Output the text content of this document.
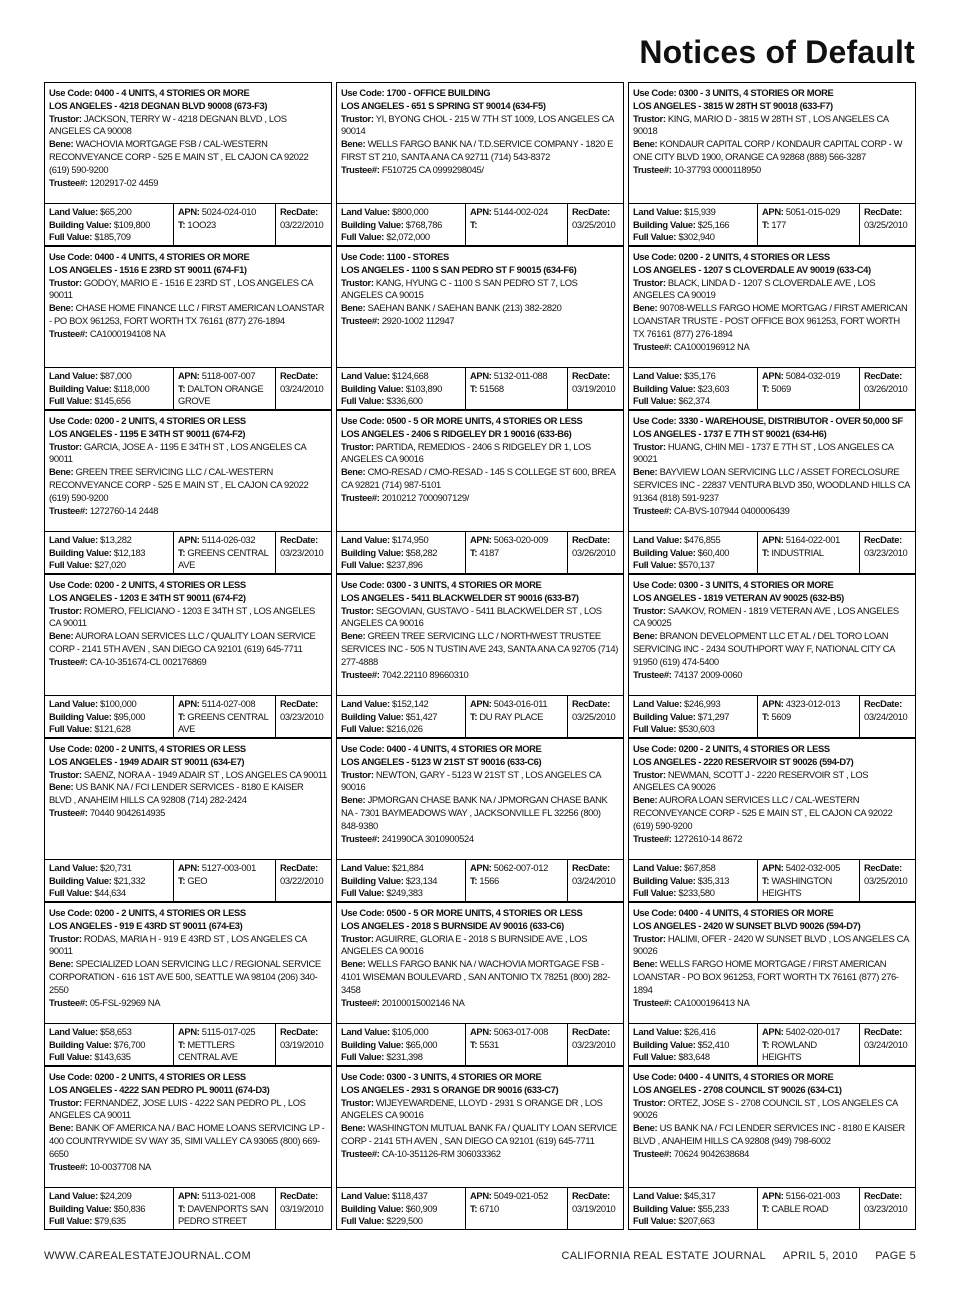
Notices of Default
Use Code: 0400 - 4 UNITS, 4 STORIES OR MORE
LOS ANGELES - 4218 DEGNAN BLVD 90008 (673-F3)
Trustor: JACKSON, TERRY W - 4218 DEGNAN BLVD , LOS ANGELES CA 90008
Bene: WACHOVIA MORTGAGE FSB / CAL-WESTERN RECONVEYANCE CORP - 525 E MAIN ST , EL CAJON CA 92022 (619) 590-9200
Trustee#: 1202917-02 4459
Land Value: $65,200
Building Value: $109,800
Full Value: $185,709
APN: 5024-024-010
T: 1OO23
RecDate:
03/22/2010
Use Code: 1700 - OFFICE BUILDING
LOS ANGELES - 651 S SPRING ST 90014 (634-F5)
Trustor: YI, BYONG CHOL - 215 W 7TH ST 1009, LOS ANGELES CA 90014
Bene: WELLS FARGO BANK NA / T.D.SERVICE COMPANY - 1820 E FIRST ST 210, SANTA ANA CA 92711 (714) 543-8372
Trustee#: F510725 CA 0999298045/
Land Value: $800,000
Building Value: $768,786
Full Value: $2,072,000
APN: 5144-002-024
T:
RecDate:
03/25/2010
Use Code: 0300 - 3 UNITS, 4 STORIES OR MORE
LOS ANGELES - 3815 W 28TH ST 90018 (633-F7)
Trustor: KING, MARIO D - 3815 W 28TH ST , LOS ANGELES CA 90018
Bene: KONDAUR CAPITAL CORP / KONDAUR CAPITAL CORP - W ONE CITY BLVD 1900, ORANGE CA 92868 (888) 566-3287
Trustee#: 10-37793 0000118950
Land Value: $15,939
Building Value: $25,166
Full Value: $302,940
APN: 5051-015-029
T: 177
RecDate:
03/25/2010
Use Code: 0400 - 4 UNITS, 4 STORIES OR MORE
LOS ANGELES - 1516 E 23RD ST 90011 (674-F1)
Trustor: GODOY, MARIO E - 1516 E 23RD ST , LOS ANGELES CA 90011
Bene: CHASE HOME FINANCE LLC / FIRST AMERICAN LOANSTAR - PO BOX 961253, FORT WORTH TX 76161 (877) 276-1894
Trustee#: CA1000194108 NA
Land Value: $87,000
Building Value: $118,000
Full Value: $145,656
APN: 5118-007-007
T: DALTON ORANGE GROVE
RecDate:
03/24/2010
Use Code: 1100 - STORES
LOS ANGELES - 1100 S SAN PEDRO ST F 90015 (634-F6)
Trustor: KANG, HYUNG C - 1100 S SAN PEDRO ST 7, LOS ANGELES CA 90015
Bene: SAEHAN BANK / SAEHAN BANK (213) 382-2820
Trustee#: 2920-1002 112947
Land Value: $124,668
Building Value: $103,890
Full Value: $336,600
APN: 5132-011-088
T: 51568
RecDate:
03/19/2010
Use Code: 0200 - 2 UNITS, 4 STORIES OR LESS
LOS ANGELES - 1207 S CLOVERDALE AV 90019 (633-C4)
Trustor: BLACK, LINDA D - 1207 S CLOVERDALE AVE , LOS ANGELES CA 90019
Bene: 90708-WELLS FARGO HOME MORTGAG / FIRST AMERICAN LOANSTAR TRUSTE - POST OFFICE BOX 961253, FORT WORTH TX 76161 (877) 276-1894
Trustee#: CA1000196912 NA
Land Value: $35,176
Building Value: $23,603
Full Value: $62,374
APN: 5084-032-019
T: 5069
RecDate:
03/26/2010
Use Code: 0200 - 2 UNITS, 4 STORIES OR LESS
LOS ANGELES - 1195 E 34TH ST 90011 (674-F2)
Trustor: GARCIA, JOSE A - 1195 E 34TH ST , LOS ANGELES CA 90011
Bene: GREEN TREE SERVICING LLC / CAL-WESTERN RECONVEYANCE CORP - 525 E MAIN ST , EL CAJON CA 92022 (619) 590-9200
Trustee#: 1272760-14 2448
Land Value: $13,282
Building Value: $12,183
Full Value: $27,020
APN: 5114-026-032
T: GREENS CENTRAL AVE
RecDate:
03/23/2010
Use Code: 0500 - 5 OR MORE UNITS, 4 STORIES OR LESS
LOS ANGELES - 2406 S RIDGELEY DR 1 90016 (633-B6)
Trustor: PARTIDA, REMEDIOS - 2406 S RIDGELEY DR 1, LOS ANGELES CA 90016
Bene: CMO-RESAD / CMO-RESAD - 145 S COLLEGE ST 600, BREA CA 92821 (714) 987-5101
Trustee#: 2010212 7000907129/
Land Value: $174,950
Building Value: $58,282
Full Value: $237,896
APN: 5063-020-009
T: 4187
RecDate:
03/26/2010
Use Code: 3330 - WAREHOUSE, DISTRIBUTOR - OVER 50,000 SF
LOS ANGELES - 1737 E 7TH ST 90021 (634-H6)
Trustor: HUANG, CHIN MEI - 1737 E 7TH ST , LOS ANGELES CA 90021
Bene: BAYVIEW LOAN SERVICING LLC / ASSET FORECLOSURE SERVICES INC - 22837 VENTURA BLVD 350, WOODLAND HILLS CA 91364 (818) 591-9237
Trustee#: CA-BVS-107944 0400006439
Land Value: $476,855
Building Value: $60,400
Full Value: $570,137
APN: 5164-022-001
T: INDUSTRIAL
RecDate:
03/23/2010
Use Code: 0200 - 2 UNITS, 4 STORIES OR LESS
LOS ANGELES - 1203 E 34TH ST 90011 (674-F2)
Trustor: ROMERO, FELICIANO - 1203 E 34TH ST , LOS ANGELES CA 90011
Bene: AURORA LOAN SERVICES LLC / QUALITY LOAN SERVICE CORP - 2141 5TH AVEN , SAN DIEGO CA 92101 (619) 645-7711
Trustee#: CA-10-351674-CL 002176869
Land Value: $100,000
Building Value: $95,000
Full Value: $121,628
APN: 5114-027-008
T: GREENS CENTRAL AVE
RecDate:
03/23/2010
Use Code: 0300 - 3 UNITS, 4 STORIES OR MORE
LOS ANGELES - 5411 BLACKWELDER ST 90016 (633-B7)
Trustor: SEGOVIAN, GUSTAVO - 5411 BLACKWELDER ST , LOS ANGELES CA 90016
Bene: GREEN TREE SERVICING LLC / NORTHWEST TRUSTEE SERVICES INC - 505 N TUSTIN AVE 243, SANTA ANA CA 92705 (714) 277-4888
Trustee#: 7042.22110 89660310
Land Value: $152,142
Building Value: $51,427
Full Value: $216,026
APN: 5043-016-011
T: DU RAY PLACE
RecDate:
03/25/2010
Use Code: 0300 - 3 UNITS, 4 STORIES OR MORE
LOS ANGELES - 1819 VETERAN AV 90025 (632-B5)
Trustor: SAAKOV, ROMEN - 1819 VETERAN AVE , LOS ANGELES CA 90025
Bene: BRANON DEVELOPMENT LLC ET AL / DEL TORO LOAN SERVICING INC - 2434 SOUTHPORT WAY F, NATIONAL CITY CA 91950 (619) 474-5400
Trustee#: 74137 2009-0060
Land Value: $246,993
Building Value: $71,297
Full Value: $530,603
APN: 4323-012-013
T: 5609
RecDate:
03/24/2010
Use Code: 0200 - 2 UNITS, 4 STORIES OR LESS
LOS ANGELES - 1949 ADAIR ST 90011 (634-E7)
Trustor: SAENZ, NORA A - 1949 ADAIR ST , LOS ANGELES CA 90011
Bene: US BANK NA / FCI LENDER SERVICES - 8180 E KAISER BLVD , ANAHEIM HILLS CA 92808 (714) 282-2424
Trustee#: 70440 9042614935
Land Value: $20,731
Building Value: $21,332
Full Value: $44,634
APN: 5127-003-001
T: GEO
RecDate:
03/22/2010
Use Code: 0400 - 4 UNITS, 4 STORIES OR MORE
LOS ANGELES - 5123 W 21ST ST 90016 (633-C6)
Trustor: NEWTON, GARY - 5123 W 21ST ST , LOS ANGELES CA 90016
Bene: JPMORGAN CHASE BANK NA / JPMORGAN CHASE BANK NA - 7301 BAYMEADOWS WAY , JACKSONVILLE FL 32256 (800) 848-9380
Trustee#: 241990CA 3010900524
Land Value: $21,884
Building Value: $23,134
Full Value: $249,383
APN: 5062-007-012
T: 1566
RecDate:
03/24/2010
Use Code: 0200 - 2 UNITS, 4 STORIES OR LESS
LOS ANGELES - 2220 RESERVOIR ST 90026 (594-D7)
Trustor: NEWMAN, SCOTT J - 2220 RESERVOIR ST , LOS ANGELES CA 90026
Bene: AURORA LOAN SERVICES LLC / CAL-WESTERN RECONVEYANCE CORP - 525 E MAIN ST , EL CAJON CA 92022 (619) 590-9200
Trustee#: 1272610-14 8672
Land Value: $67,858
Building Value: $35,313
Full Value: $233,580
APN: 5402-032-005
T: WASHINGTON HEIGHTS
RecDate:
03/25/2010
Use Code: 0200 - 2 UNITS, 4 STORIES OR LESS
LOS ANGELES - 919 E 43RD ST 90011 (674-E3)
Trustor: RODAS, MARIA H - 919 E 43RD ST , LOS ANGELES CA 90011
Bene: SPECIALIZED LOAN SERVICING LLC / REGIONAL SERVICE CORPORATION - 616 1ST AVE 500, SEATTLE WA 98104 (206) 340-2550
Trustee#: 05-FSL-92969 NA
Land Value: $58,653
Building Value: $76,700
Full Value: $143,635
APN: 5115-017-025
T: METTLERS CENTRAL AVE
RecDate:
03/19/2010
Use Code: 0500 - 5 OR MORE UNITS, 4 STORIES OR LESS
LOS ANGELES - 2018 S BURNSIDE AV 90016 (633-C6)
Trustor: AGUIRRE, GLORIA E - 2018 S BURNSIDE AVE , LOS ANGELES CA 90016
Bene: WELLS FARGO BANK NA / WACHOVIA MORTGAGE FSB - 4101 WISEMAN BOULEVARD , SAN ANTONIO TX 78251 (800) 282-3458
Trustee#: 20100015002146 NA
Land Value: $105,000
Building Value: $65,000
Full Value: $231,398
APN: 5063-017-008
T: 5531
RecDate:
03/23/2010
Use Code: 0400 - 4 UNITS, 4 STORIES OR MORE
LOS ANGELES - 2420 W SUNSET BLVD 90026 (594-D7)
Trustor: HALIMI, OFER - 2420 W SUNSET BLVD , LOS ANGELES CA 90026
Bene: WELLS FARGO HOME MORTGAGE / FIRST AMERICAN LOANSTAR - PO BOX 961253, FORT WORTH TX 76161 (877) 276-1894
Trustee#: CA1000196413 NA
Land Value: $26,416
Building Value: $52,410
Full Value: $83,648
APN: 5402-020-017
T: ROWLAND HEIGHTS
RecDate:
03/24/2010
Use Code: 0200 - 2 UNITS, 4 STORIES OR LESS
LOS ANGELES - 4222 SAN PEDRO PL 90011 (674-D3)
Trustor: FERNANDEZ, JOSE LUIS - 4222 SAN PEDRO PL , LOS ANGELES CA 90011
Bene: BANK OF AMERICA NA / BAC HOME LOANS SERVICING LP - 400 COUNTRYWIDE SV WAY 35, SIMI VALLEY CA 93065 (800) 669-6650
Trustee#: 10-0037708 NA
Land Value: $24,209
Building Value: $50,836
Full Value: $79,635
APN: 5113-021-008
T: DAVENPORTS SAN PEDRO STREET
RecDate:
03/19/2010
Use Code: 0300 - 3 UNITS, 4 STORIES OR MORE
LOS ANGELES - 2931 S ORANGE DR 90016 (633-C7)
Trustor: WIJEYEWARDENE, LLOYD - 2931 S ORANGE DR , LOS ANGELES CA 90016
Bene: WASHINGTON MUTUAL BANK FA / QUALITY LOAN SERVICE CORP - 2141 5TH AVEN , SAN DIEGO CA 92101 (619) 645-7711
Trustee#: CA-10-351126-RM 306033362
Land Value: $118,437
Building Value: $60,909
Full Value: $229,500
APN: 5049-021-052
T: 6710
RecDate:
03/19/2010
Use Code: 0400 - 4 UNITS, 4 STORIES OR MORE
LOS ANGELES - 2708 COUNCIL ST 90026 (634-C1)
Trustor: ORTEZ, JOSE S - 2708 COUNCIL ST , LOS ANGELES CA 90026
Bene: US BANK NA / FCI LENDER SERVICES INC - 8180 E KAISER BLVD , ANAHEIM HILLS CA 92808 (949) 798-6002
Trustee#: 70624 9042638684
Land Value: $45,317
Building Value: $55,233
Full Value: $207,663
APN: 5156-021-003
T: CABLE ROAD
RecDate:
03/23/2010
WWW.CAREALESTATEJOURNAL.COM	CALIFORNIA REAL ESTATE JOURNAL APRIL 5, 2010 PAGE 5
